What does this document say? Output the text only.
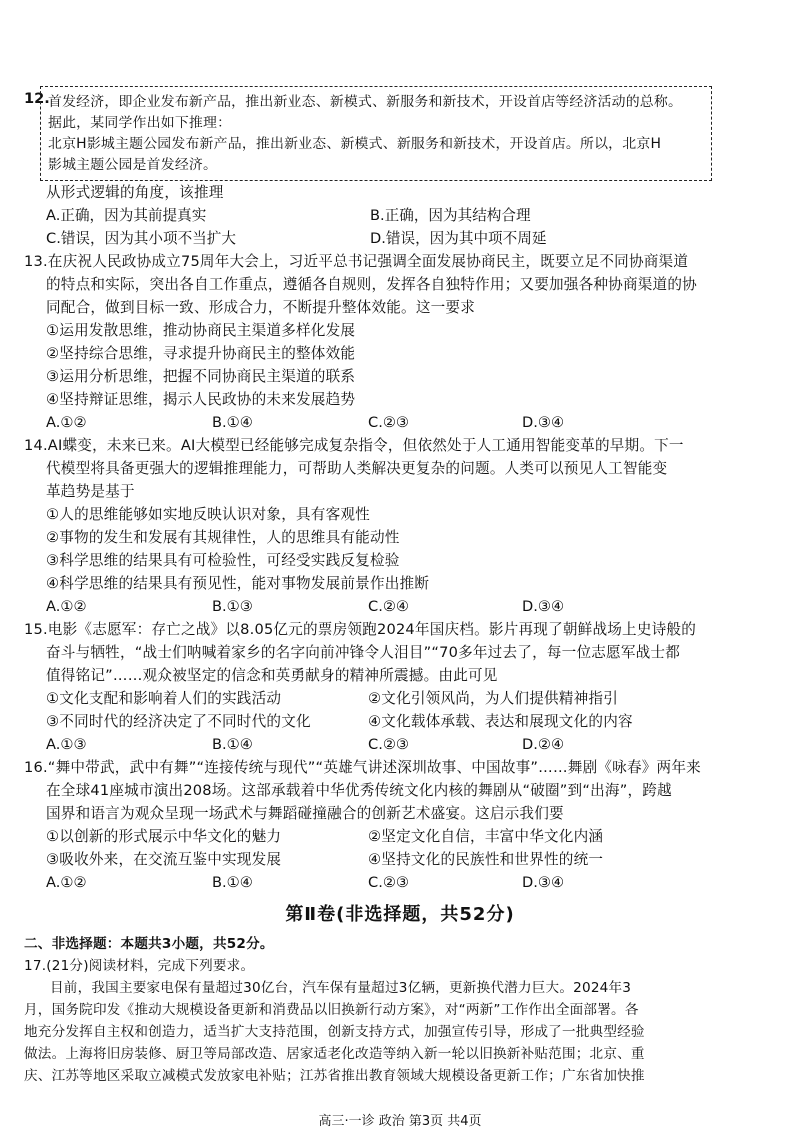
12.
首发经济，即企业发布新产品，推出新业态、新模式、新服务和新技术，开设首店等经济活动的总称。
据此，某同学作出如下推理：
北京H影城主题公园发布新产品，推出新业态、新模式、新服务和新技术，开设首店。所以，北京H
影城主题公园是首发经济。
从形式逻辑的角度，该推理
A.正确，因为其前提真实	B.正确，因为其结构合理
C.错误，因为其小项不当扩大	D.错误，因为其中项不周延
13.在庆祝人民政协成立75周年大会上，习近平总书记强调全面发展协商民主，既要立足不同协商渠道
的特点和实际，突出各自工作重点，遵循各自规则，发挥各自独特作用；又要加强各种协商渠道的协
同配合，做到目标一致、形成合力，不断提升整体效能。这一要求
①运用发散思维，推动协商民主渠道多样化发展
②坚持综合思维，寻求提升协商民主的整体效能
③运用分析思维，把握不同协商民主渠道的联系
④坚持辩证思维，揭示人民政协的未来发展趋势
A.①②	B.①④	C.②③	D.③④
14.AI蝶变，未来已来。AI大模型已经能够完成复杂指令，但依然处于人工通用智能变革的早期。下一
代模型将具备更强大的逻辑推理能力，可帮助人类解决更复杂的问题。人类可以预见人工智能变
革趋势是基于
①人的思维能够如实地反映认识对象，具有客观性
②事物的发生和发展有其规律性，人的思维具有能动性
③科学思维的结果具有可检验性，可经受实践反复检验
④科学思维的结果具有预见性，能对事物发展前景作出推断
A.①②	B.①③	C.②④	D.③④
15.电影《志愿军：存亡之战》以8.05亿元的票房领跑2024年国庆档。影片再现了朝鲜战场上史诗般的
奋斗与牺牲，“战士们呐喊着家乡的名字向前冲锋令人泪目”“70多年过去了，每一位志愿军战士都
值得铭记”……观众被坚定的信念和英勇献身的精神所震撼。由此可见
①文化支配和影响着人们的实践活动	②文化引领风尚，为人们提供精神指引
③不同时代的经济决定了不同时代的文化	④文化载体承载、表达和展现文化的内容
A.①③	B.①④	C.②③	D.②④
16.“舞中带武，武中有舞”“连接传统与现代”“英雄气讲述深圳故事、中国故事”……舞剧《咏春》两年来
在全球41座城市演出208场。这部承载着中华优秀传统文化内核的舞剧从“破圈”到“出海”，跨越
国界和语言为观众呈现一场武术与舞蹈碰撞融合的创新艺术盛宴。这启示我们要
①以创新的形式展示中华文化的魅力	②坚定文化自信，丰富中华文化内涵
③吸收外来，在交流互鉴中实现发展	④坚持文化的民族性和世界性的统一
A.①②	B.①④	C.②③	D.③④
第Ⅱ卷(非选择题，共52分)
二、非选择题：本题共3小题，共52分。
17.(21分)阅读材料，完成下列要求。
目前，我国主要家电保有量超过30亿台，汽车保有量超过3亿辆，更新换代潜力巨大。2024年3
月，国务院印发《推动大规模设备更新和消费品以旧换新行动方案》，对“两新”工作作出全面部署。各
地充分发挥自主权和创造力，适当扩大支持范围，创新支持方式，加强宣传引导，形成了一批典型经验
做法。上海将旧房装修、厨卫等局部改造、居家适老化改造等纳入新一轮以旧换新补贴范围；北京、重
庆、江苏等地区采取立减模式发放家电补贴；江苏省推出教育领域大规模设备更新工作；广东省加快推
高三·一诊 政治 第3页 共4页
